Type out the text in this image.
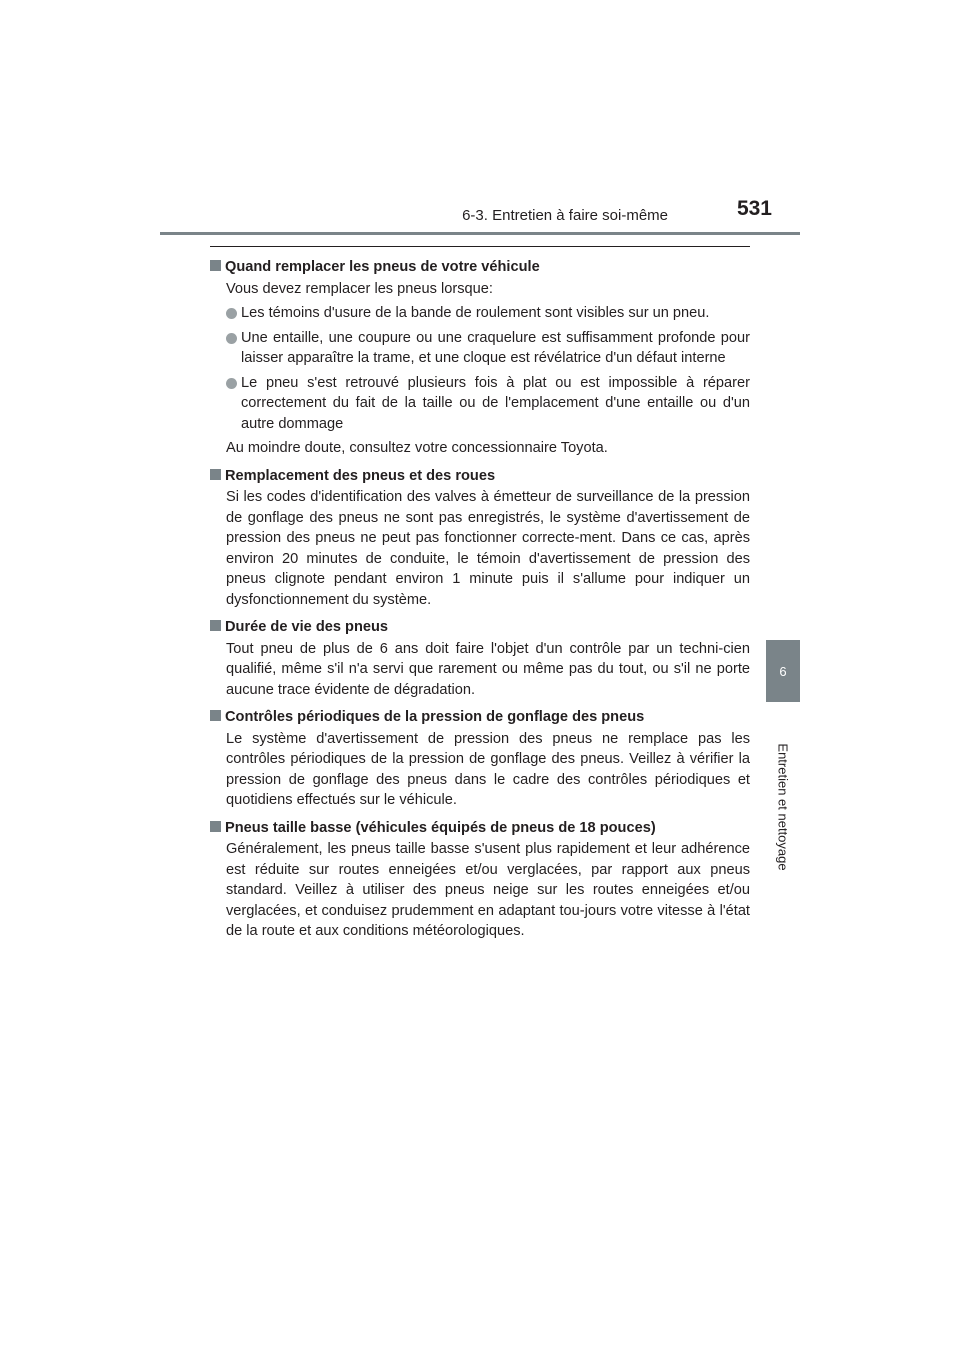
6-3. Entretien à faire soi-même	531
6
Entretien et nettoyage
Quand remplacer les pneus de votre véhicule

Vous devez remplacer les pneus lorsque:

Les témoins d'usure de la bande de roulement sont visibles sur un pneu.
Une entaille, une coupure ou une craquelure est suffisamment profonde pour laisser apparaître la trame, et une cloque est révélatrice d'un défaut interne
Le pneu s'est retrouvé plusieurs fois à plat ou est impossible à réparer correctement du fait de la taille ou de l'emplacement d'une entaille ou d'un autre dommage

Au moindre doute, consultez votre concessionnaire Toyota.

Remplacement des pneus et des roues

Si les codes d'identification des valves à émetteur de surveillance de la pression de gonflage des pneus ne sont pas enregistrés, le système d'avertissement de pression des pneus ne peut pas fonctionner correcte-ment. Dans ce cas, après environ 20 minutes de conduite, le témoin d'avertissement de pression des pneus clignote pendant environ 1 minute puis il s'allume pour indiquer un dysfonctionnement du système.

Durée de vie des pneus

Tout pneu de plus de 6 ans doit faire l'objet d'un contrôle par un techni-cien qualifié, même s'il n'a servi que rarement ou même pas du tout, ou s'il ne porte aucune trace évidente de dégradation.

Contrôles périodiques de la pression de gonflage des pneus

Le système d'avertissement de pression des pneus ne remplace pas les contrôles périodiques de la pression de gonflage des pneus. Veillez à vérifier la pression de gonflage des pneus dans le cadre des contrôles périodiques et quotidiens effectués sur le véhicule.

Pneus taille basse (véhicules équipés de pneus de 18 pouces)

Généralement, les pneus taille basse s'usent plus rapidement et leur adhérence est réduite sur routes enneigées et/ou verglacées, par rapport aux pneus standard. Veillez à utiliser des pneus neige sur les routes enneigées et/ou verglacées, et conduisez prudemment en adaptant tou-jours votre vitesse à l'état de la route et aux conditions météorologiques.
